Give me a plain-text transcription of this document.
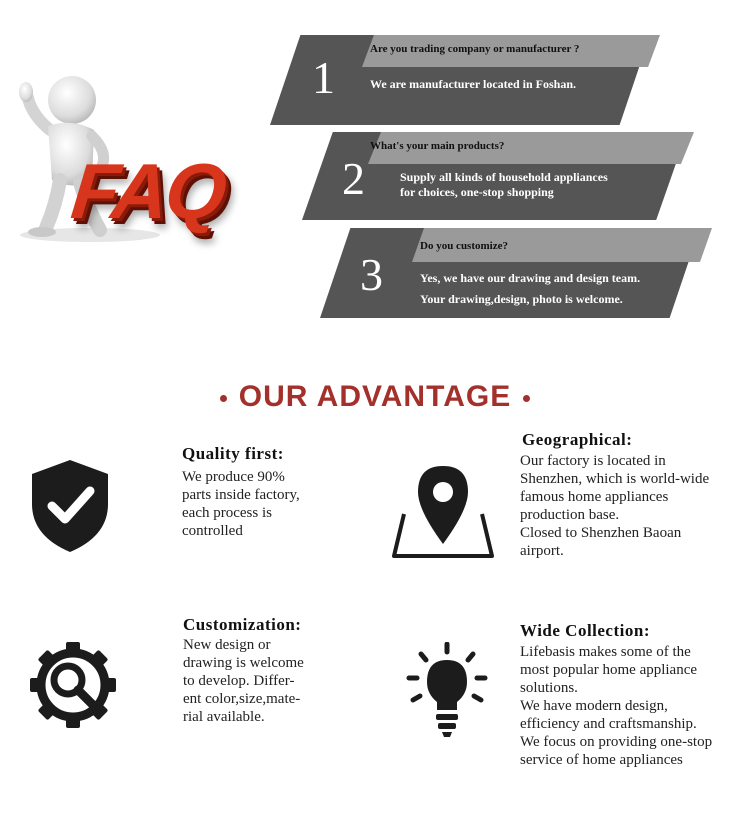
FAQ
1
Are you trading company or manufacturer ?
We are manufacturer located in Foshan.
2
What's your main products?
Supply all kinds of household appliances
for choices, one-stop shopping
3
Do you customize?
Yes, we have our drawing and design team.
Your drawing,design, photo is welcome.
OUR ADVANTAGE
Quality first:
We produce 90%
parts inside factory,
each process is
controlled
Geographical:
Our factory is located in
Shenzhen, which is world-wide
famous home appliances
production base.
Closed to Shenzhen Baoan
airport.
Customization:
New design or
drawing is welcome
to develop. Differ-
ent color,size,mate-
rial available.
Wide Collection:
Lifebasis makes some of the
most popular home appliance
solutions.
We have modern design,
efficiency and craftsmanship.
We focus on providing one-stop
service of home appliances
